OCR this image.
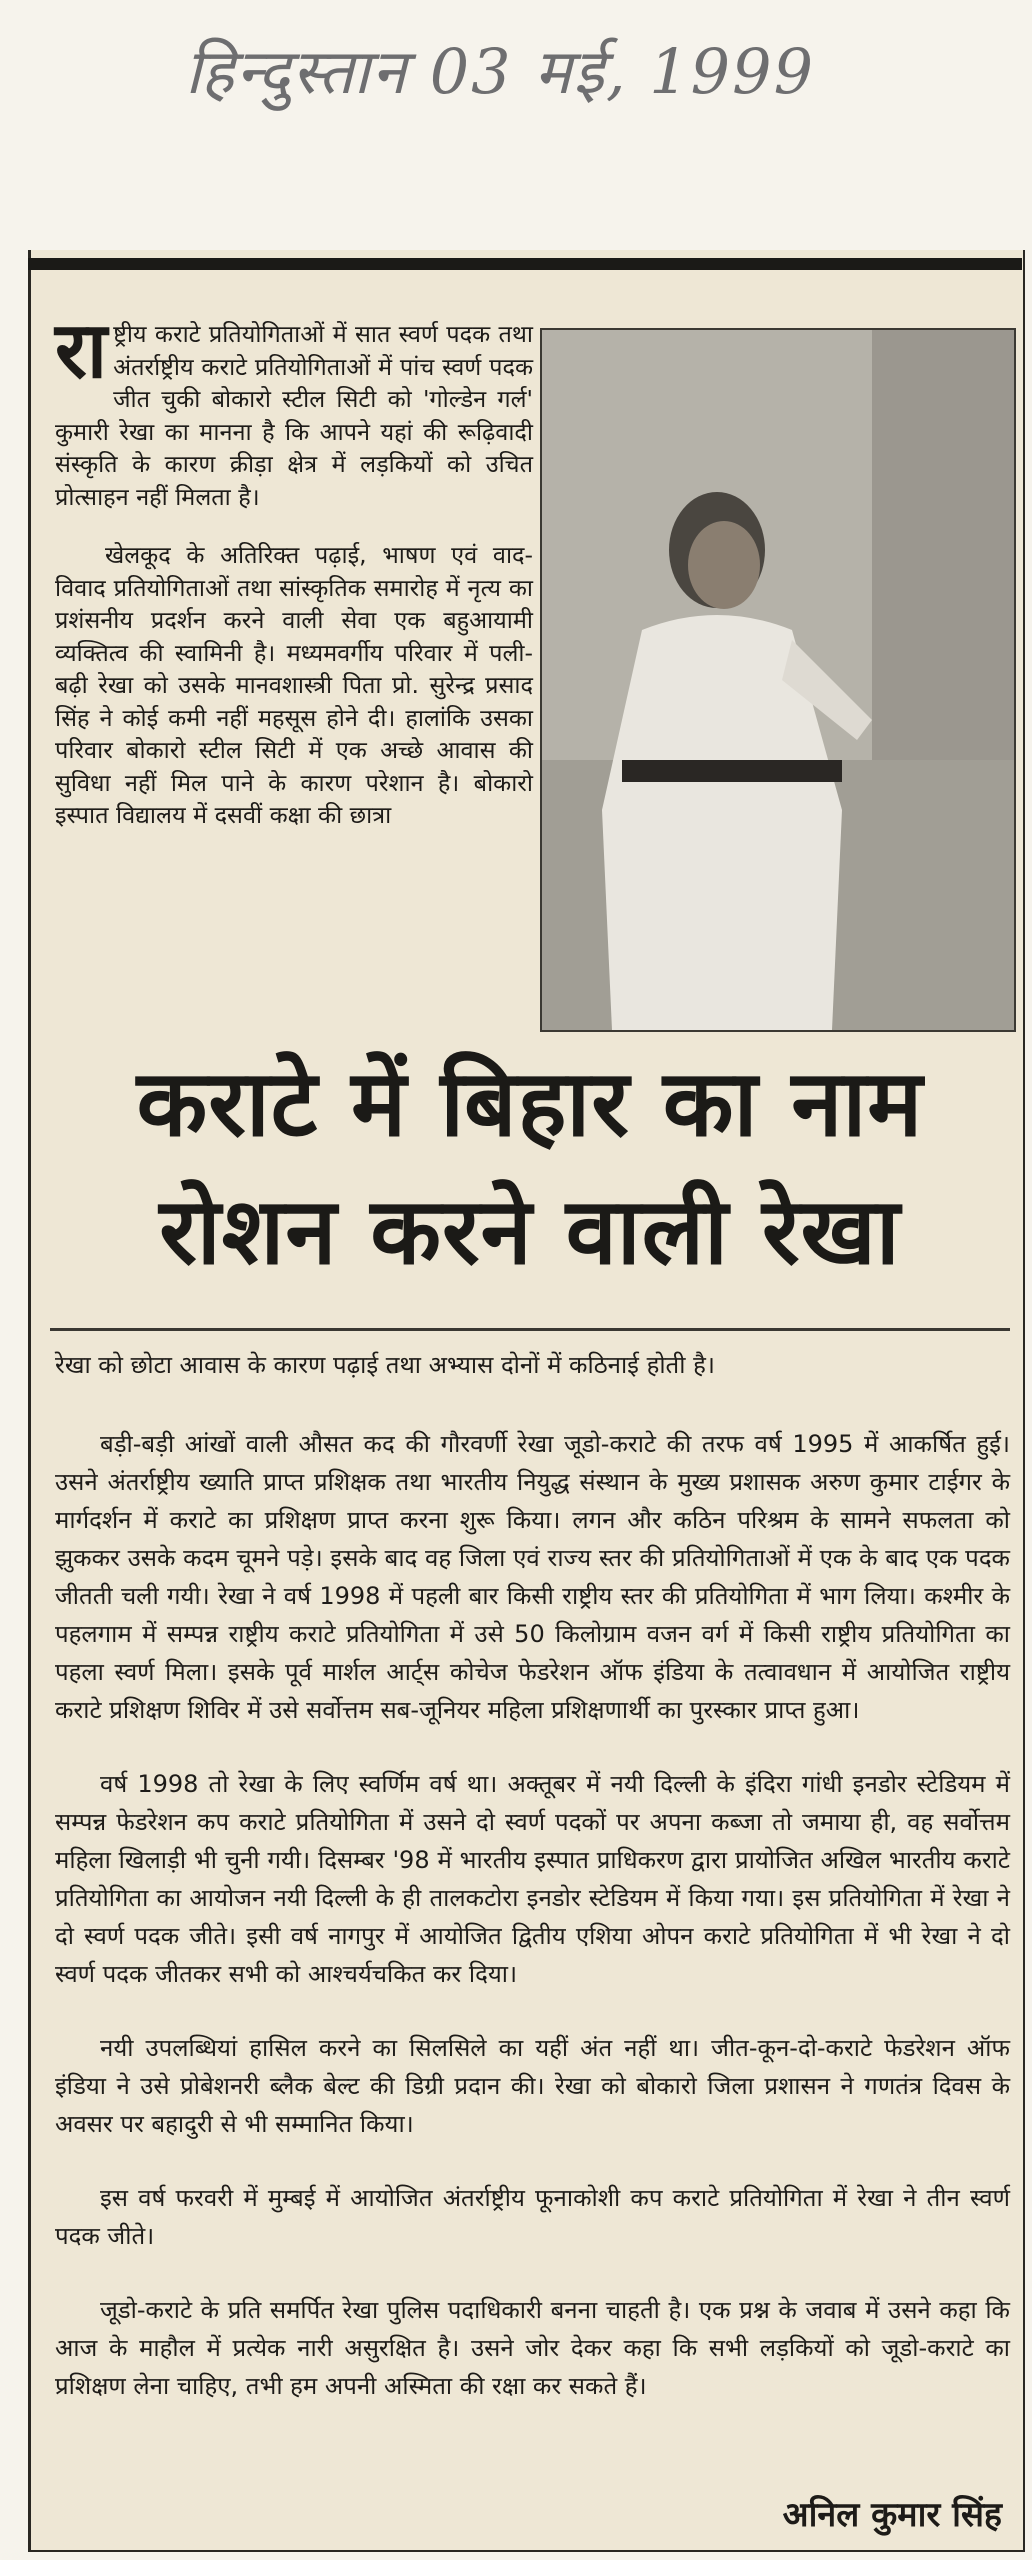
हिन्दुस्तान 03 मई, 1999

राष्ट्रीय कराटे प्रतियोगिताओं में सात स्वर्ण पदक तथा अंतर्राष्ट्रीय कराटे प्रतियोगिताओं में पांच स्वर्ण पदक जीत चुकी बोकारो स्टील सिटी को 'गोल्डेन गर्ल' कुमारी रेखा का मानना है कि आपने यहां की रूढ़िवादी संस्कृति के कारण क्रीड़ा क्षेत्र में लड़कियों को उचित प्रोत्साहन नहीं मिलता है।

खेलकूद के अतिरिक्त पढ़ाई, भाषण एवं वाद-विवाद प्रतियोगिताओं तथा सांस्कृतिक समारोह में नृत्य का प्रशंसनीय प्रदर्शन करने वाली सेवा एक बहुआयामी व्यक्तित्व की स्वामिनी है। मध्यमवर्गीय परिवार में पली-बढ़ी रेखा को उसके मानवशास्त्री पिता प्रो. सुरेन्द्र प्रसाद सिंह ने कोई कमी नहीं महसूस होने दी। हालांकि उसका परिवार बोकारो स्टील सिटी में एक अच्छे आवास की सुविधा नहीं मिल पाने के कारण परेशान है। बोकारो इस्पात विद्यालय में दसवीं कक्षा की छात्रा

कराटे में बिहार का नाम
रोशन करने वाली रेखा
रेखा को छोटा आवास के कारण पढ़ाई तथा अभ्यास दोनों में कठिनाई होती है।

बड़ी-बड़ी आंखों वाली औसत कद की गौरवर्णी रेखा जूडो-कराटे की तरफ वर्ष 1995 में आकर्षित हुई। उसने अंतर्राष्ट्रीय ख्याति प्राप्त प्रशिक्षक तथा भारतीय नियुद्ध संस्थान के मुख्य प्रशासक अरुण कुमार टाईगर के मार्गदर्शन में कराटे का प्रशिक्षण प्राप्त करना शुरू किया। लगन और कठिन परिश्रम के सामने सफलता को झुककर उसके कदम चूमने पड़े। इसके बाद वह जिला एवं राज्य स्तर की प्रतियोगिताओं में एक के बाद एक पदक जीतती चली गयी। रेखा ने वर्ष 1998 में पहली बार किसी राष्ट्रीय स्तर की प्रतियोगिता में भाग लिया। कश्मीर के पहलगाम में सम्पन्न राष्ट्रीय कराटे प्रतियोगिता में उसे 50 किलोग्राम वजन वर्ग में किसी राष्ट्रीय प्रतियोगिता का पहला स्वर्ण मिला। इसके पूर्व मार्शल आर्ट्स कोचेज फेडरेशन ऑफ इंडिया के तत्वावधान में आयोजित राष्ट्रीय कराटे प्रशिक्षण शिविर में उसे सर्वोत्तम सब-जूनियर महिला प्रशिक्षणार्थी का पुरस्कार प्राप्त हुआ।

वर्ष 1998 तो रेखा के लिए स्वर्णिम वर्ष था। अक्तूबर में नयी दिल्ली के इंदिरा गांधी इनडोर स्टेडियम में सम्पन्न फेडरेशन कप कराटे प्रतियोगिता में उसने दो स्वर्ण पदकों पर अपना कब्जा तो जमाया ही, वह सर्वोत्तम महिला खिलाड़ी भी चुनी गयी। दिसम्बर '98 में भारतीय इस्पात प्राधिकरण द्वारा प्रायोजित अखिल भारतीय कराटे प्रतियोगिता का आयोजन नयी दिल्ली के ही तालकटोरा इनडोर स्टेडियम में किया गया। इस प्रतियोगिता में रेखा ने दो स्वर्ण पदक जीते। इसी वर्ष नागपुर में आयोजित द्वितीय एशिया ओपन कराटे प्रतियोगिता में भी रेखा ने दो स्वर्ण पदक जीतकर सभी को आश्चर्यचकित कर दिया।

नयी उपलब्धियां हासिल करने का सिलसिले का यहीं अंत नहीं था। जीत-कून-दो-कराटे फेडरेशन ऑफ इंडिया ने उसे प्रोबेशनरी ब्लैक बेल्ट की डिग्री प्रदान की। रेखा को बोकारो जिला प्रशासन ने गणतंत्र दिवस के अवसर पर बहादुरी से भी सम्मानित किया।

इस वर्ष फरवरी में मुम्बई में आयोजित अंतर्राष्ट्रीय फूनाकोशी कप कराटे प्रतियोगिता में रेखा ने तीन स्वर्ण पदक जीते।

जूडो-कराटे के प्रति समर्पित रेखा पुलिस पदाधिकारी बनना चाहती है। एक प्रश्न के जवाब में उसने कहा कि आज के माहौल में प्रत्येक नारी असुरक्षित है। उसने जोर देकर कहा कि सभी लड़कियों को जूडो-कराटे का प्रशिक्षण लेना चाहिए, तभी हम अपनी अस्मिता की रक्षा कर सकते हैं।

अनिल कुमार सिंह
